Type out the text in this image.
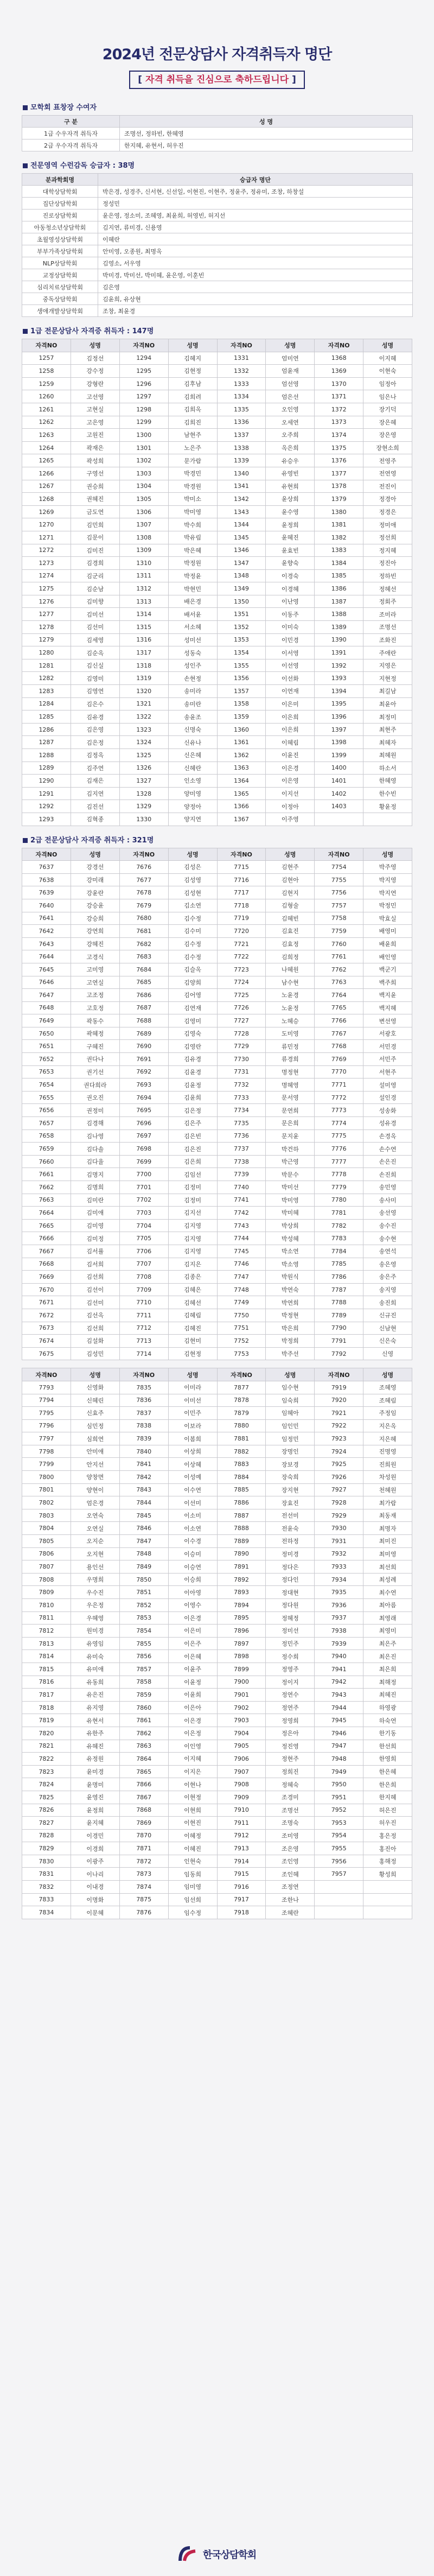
2024년 전문상담사 자격취득자 명단
[ 자격 취득을 진심으로 축하드립니다 ]
모학회 표창장 수여자
구 분	성 명
1급 수우자격 취득자	조명선, 정하빈, 한혜영
2급 우수자격 취득자	한지혜, 유현서, 허우진
전문영역 수런감독 승급자 : 38명
분과학회명	승급자 명단
대학상담학회	박은경, 성경주, 신서현, 신선일, 이현진, 이현주, 정윤주, 정유미, 조창, 하창설
집단상담학회	정성민
진로상담학회	윤은영, 정소미, 조혜영, 최윤희, 허영빈, 허지선
아동청소년상담학회	김지연, 류미경, 신용영
초월영성상담학회	이혜란
부부가족상담학회	안미영, 오종원, 최명옥
NLP상담학회	김영소, 서우영
교정상담학회	박미경, 박미선, 박미혜, 윤은영, 이훈빈
심리치료상담학회	김은영
중독상담학회	김윤희, 유상현
생애개발상담학회	조창, 최윤경
1급 전문상담사 자격증 취득자 : 147명
자격NO	성명	자격NO	성명	자격NO	성명	자격NO	성명
1257	김정선	1294	김혜지	1331	엄미연	1368	이지혜
1258	강수정	1295	김현정	1332	엄윤재	1369	이현숙
1259	강형란	1296	김후남	1333	엄선영	1370	임정아
1260	고선영	1297	김희려	1334	엄은선	1371	임은나
1261	고현실	1298	김희옥	1335	오인영	1372	장기덕
1262	고은영	1299	김희진	1336	오세연	1373	장은혜
1263	고원진	1300	남현주	1337	오주희	1374	장은영
1264	곽재은	1301	노은주	1338	옥은희	1375	장현소희
1265	곽성희	1302	문가람	1339	유승우	1376	전영주
1266	구영선	1303	박경민	1340	유영빈	1377	전연영
1267	권승희	1304	박경원	1341	유현희	1378	전진이
1268	권혜진	1305	박미소	1342	윤상희	1379	정경아
1269	금도연	1306	박미영	1343	윤수영	1380	정경은
1270	김민희	1307	박수희	1344	윤정희	1381	정미애
1271	김문이	1308	박유림	1345	윤혜진	1382	정선희
1272	김미진	1309	박은혜	1346	윤효빈	1383	정지혜
1273	김경희	1310	박정원	1347	윤향숙	1384	정진아
1274	김군리	1311	박정윤	1348	이경숙	1385	정하빈
1275	김순남	1312	박현민	1349	이경혜	1386	정혜선
1276	김미향	1313	배은경	1350	이난영	1387	정회주
1277	김미선	1314	배서윤	1351	이동주	1388	조미라
1278	김선미	1315	서소혜	1352	이미숙	1389	조명선
1279	김세영	1316	성미선	1353	이민경	1390	조화진
1280	김순옥	1317	성동숙	1354	이서영	1391	주애란
1281	김신실	1318	성인주	1355	이선영	1392	지영은
1282	김영미	1319	손현정	1356	이선화	1393	지현정
1283	김영연	1320	송미라	1357	이연재	1394	최길남
1284	김은수	1321	송미란	1358	이은미	1395	최윤아
1285	김유경	1322	송윤조	1359	이은희	1396	최정미
1286	김은영	1323	신명숙	1360	이은희	1397	최현주
1287	김은정	1324	신유나	1361	이혜림	1398	최혜자
1288	김정옥	1325	신은혜	1362	이윤진	1399	최혜원
1289	김주연	1326	신혜란	1363	이은경	1400	하소서
1290	김재은	1327	인소영	1364	이은영	1401	한혜영
1291	김지연	1328	양미영	1365	이지선	1402	한수빈
1292	김진선	1329	양정아	1366	이정아	1403	황윤정
1293	김혁종	1330	양지연	1367	이주영		
2급 전문상담사 자격증 취득자 : 321명
자격NO	성명	자격NO	성명	자격NO	성명	자격NO	성명
7637	강경선	7676	김성은	7715	김현주	7754	박주영
7638	강미래	7677	김성영	7716	김현아	7755	박지영
7639	강윤란	7678	김성현	7717	김현지	7756	박지연
7640	강승윤	7679	김소연	7718	김형술	7757	박정민
7641	강승희	7680	김수정	7719	김혜빈	7758	박효실
7642	강연희	7681	김수미	7720	김효진	7759	배영미
7643	강혜진	7682	김수정	7721	김효정	7760	배윤희
7644	고경식	7683	김수정	7722	김희정	7761	배인영
7645	고미영	7684	김슬옥	7723	나혜원	7762	백군기
7646	고연실	7685	김양희	7724	남수현	7763	백주희
7647	고조정	7686	김어영	7725	노윤경	7764	백지윤
7648	고호정	7687	김연재	7726	노윤정	7765	백지혜
7649	곽동수	7688	김영미	7727	노혜승	7766	변선영
7650	곽혜정	7689	김영숙	7728	도미영	7767	서광호
7651	구혜진	7690	김영란	7729	류민정	7768	서민경
7652	권다나	7691	김유경	7730	류경희	7769	서민주
7653	권기선	7692	김윤경	7731	명정현	7770	서현주
7654	권다희라	7693	김윤정	7732	명혜영	7771	설미영
7655	권오진	7694	김윤희	7733	문서영	7772	설인경
7656	권정미	7695	김은정	7734	문연희	7773	성송화
7657	김경해	7696	김은주	7735	문은희	7774	성유경
7658	김나영	7697	김은빈	7736	문지윤	7775	손경옥
7659	김다솔	7698	김은진	7737	박건하	7776	손수연
7660	김다율	7699	김은희	7738	박근영	7777	손은진
7661	김명지	7700	김임선	7739	박문수	7778	손진희
7662	김명희	7701	김정미	7740	박미선	7779	송민영
7663	김미란	7702	김정미	7741	박미영	7780	송사미
7664	김미애	7703	김지선	7742	박미혜	7781	송선영
7665	김미영	7704	김지영	7743	박상희	7782	송수진
7666	김미정	7705	김지영	7744	박성혜	7783	송수현
7667	김서률	7706	김지영	7745	박소연	7784	송연석
7668	김서희	7707	김지은	7746	박소영	7785	송은영
7669	김선희	7708	김종은	7747	박원식	7786	송은주
7670	김선이	7709	김혜은	7748	박연숙	7787	송지영
7671	김선미	7710	김혜선	7749	박연희	7788	송진희
7672	김선옥	7711	김혜림	7750	박정현	7789	신규진
7673	김선희	7712	김혜진	7751	박은희	7790	신남현
7674	김설화	7713	김현미	7752	박정희	7791	신은숙
7675	김성민	7714	김현정	7753	박주선	7792	신영
자격NO	성명	자격NO	성명	자격NO	성명	자격NO	성명
7793	신영화	7835	이미라	7877	임수현	7919	조혜영
7794	신혜린	7836	이미선	7878	임숙희	7920	조혜림
7795	신효주	7837	이민주	7879	임혜아	7921	주정임
7796	심민정	7838	이보라	7880	임인민	7922	지은옥
7797	심희연	7839	이봄희	7881	임정민	7923	지은혜
7798	안미애	7840	이상희	7882	장명인	7924	진명영
7799	안지선	7841	이상혜	7883	장보경	7925	진희원
7800	양창면	7842	이성예	7884	장숙희	7926	차성원
7801	양현이	7843	이수연	7885	장지현	7927	천혜원
7802	엄은경	7844	이선미	7886	장효진	7928	최가람
7803	오연숙	7845	이소미	7887	전선미	7929	최동재
7804	오연실	7846	이소연	7888	전윤숙	7930	최명자
7805	오지순	7847	이수경	7889	전하정	7931	최미진
7806	오지현	7848	이승미	7890	정미경	7932	최미영
7807	용인선	7849	이승연	7891	정다은	7933	최선희
7808	우명희	7850	이승희	7892	정다인	7934	최성례
7809	우수진	7851	이아영	7893	정대현	7935	최수연
7810	우은정	7852	이영수	7894	정다원	7936	최아름
7811	우혜영	7853	이은경	7895	정혜정	7937	최영래
7812	원미경	7854	이은미	7896	정미선	7938	최영미
7813	유영임	7855	이은주	7897	정민주	7939	최은주
7814	유미숙	7856	이은혜	7898	정수희	7940	최은진
7815	유미애	7857	이윤주	7899	정영주	7941	최은희
7816	유동희	7858	이윤정	7900	정이지	7942	최해정
7817	유은진	7859	이윤희	7901	정연수	7943	최혜진
7818	유지영	7860	이은아	7902	정연주	7944	하영광
7819	유현서	7861	이은경	7903	정영희	7945	하숙연
7820	유한주	7862	이은정	7904	정은아	7946	한기동
7821	유혜진	7863	이인영	7905	정진영	7947	한선희
7822	유정원	7864	이지혜	7906	정현주	7948	한영희
7823	윤미경	7865	이지은	7907	정희진	7949	한은혜
7824	윤명미	7866	이현나	7908	정혜숙	7950	한은희
7825	윤영진	7867	이현정	7909	조경미	7951	한지혜
7826	윤정희	7868	이현희	7910	조명선	7952	허은진
7827	윤지혜	7869	이현진	7911	조명숙	7953	허우진
7828	이경민	7870	이혜정	7912	조미영	7954	홍은정
7829	이경희	7871	이혜진	7913	조은영	7955	홍진아
7830	이광주	7872	인현숙	7914	조인영	7956	홍해정
7831	이나리	7873	임동희	7915	조인혜	7957	황성희
7832	이내경	7874	임미영	7916	조정연		
7833	이명화	7875	임선희	7917	조한나		
7834	이문혜	7876	임수정	7918	조혜란		
한국상담학회
